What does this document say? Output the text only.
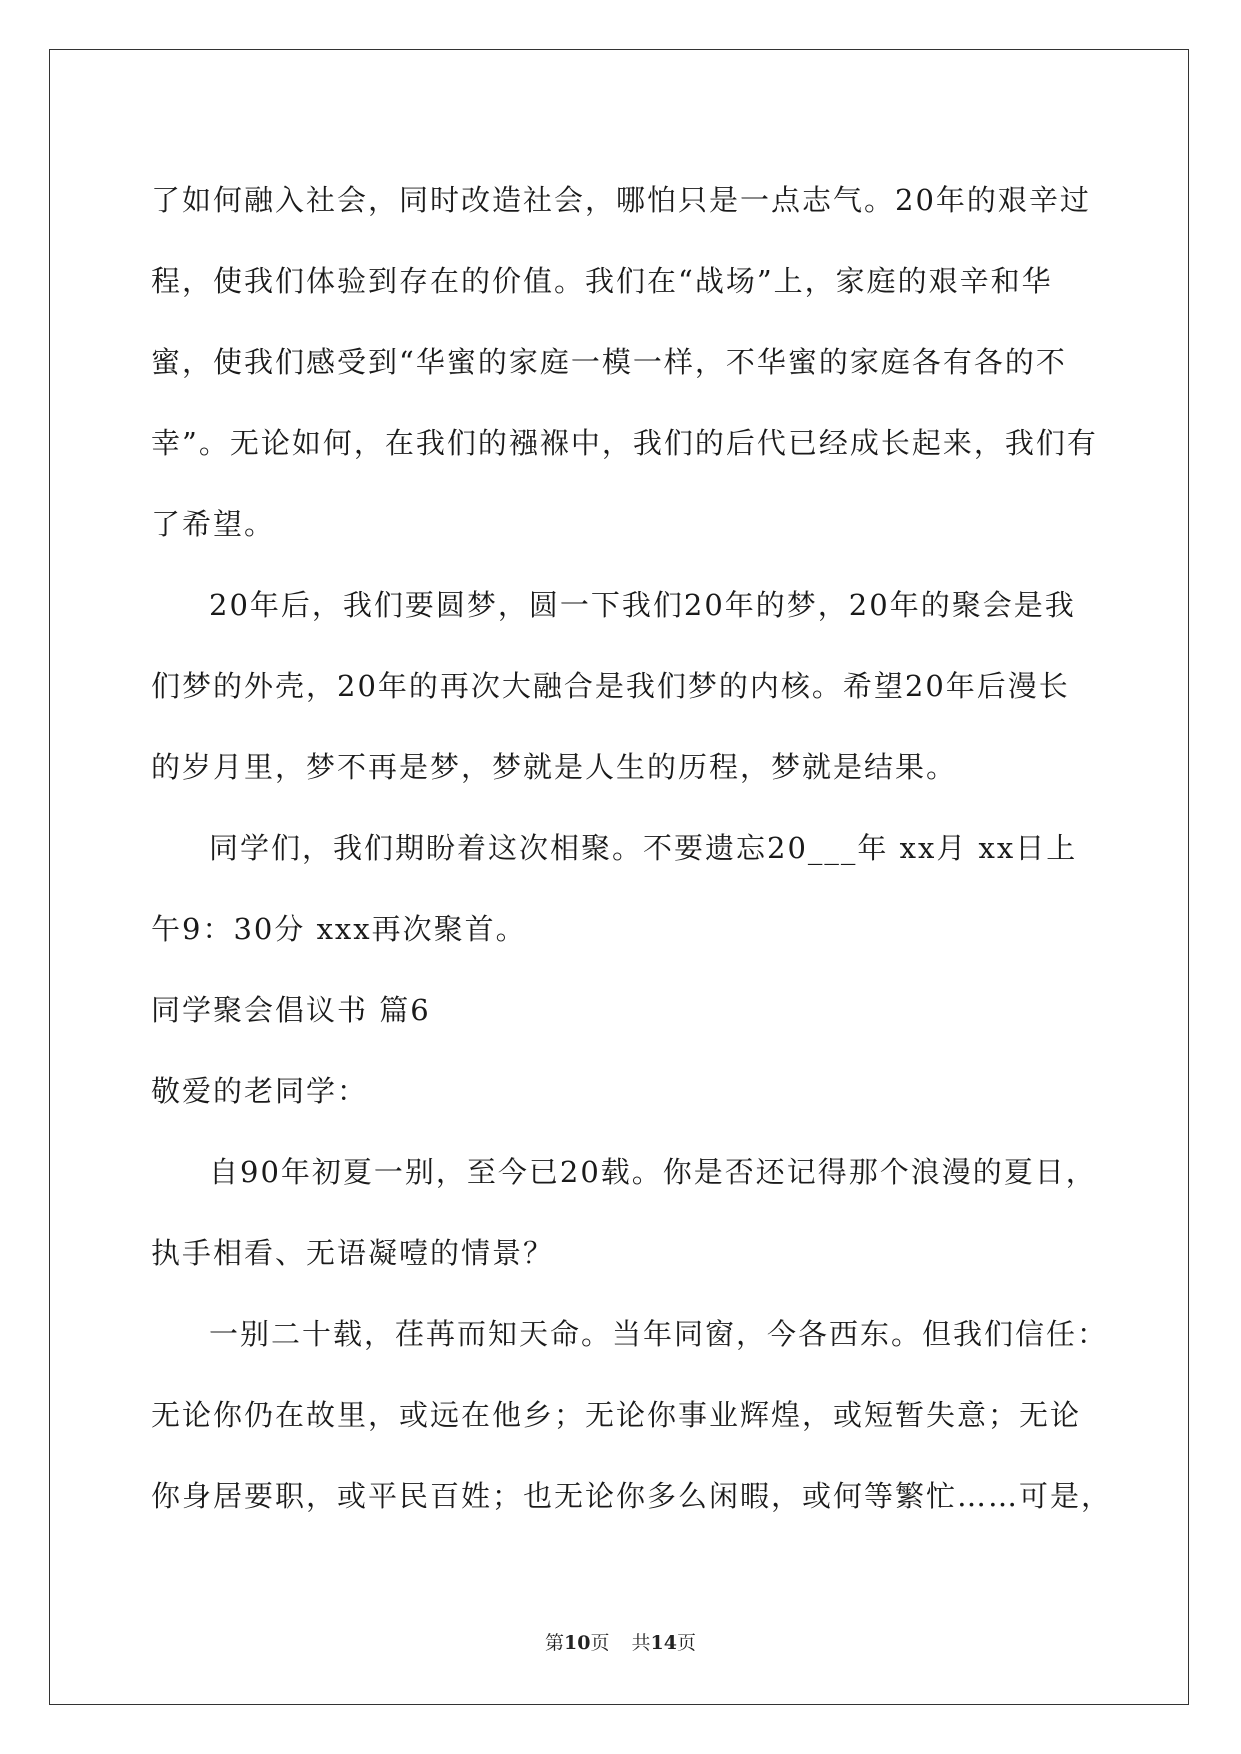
了如何融入社会，同时改造社会，哪怕只是一点志气。20年的艰辛过
程，使我们体验到存在的价值。我们在“战场”上，家庭的艰辛和华
蜜，使我们感受到“华蜜的家庭一模一样，不华蜜的家庭各有各的不
幸”。无论如何，在我们的襁褓中，我们的后代已经成长起来，我们有
了希望。
20年后，我们要圆梦，圆一下我们20年的梦，20年的聚会是我
们梦的外壳，20年的再次大融合是我们梦的内核。希望20年后漫长
的岁月里，梦不再是梦，梦就是人生的历程，梦就是结果。
同学们，我们期盼着这次相聚。不要遗忘20___年 xx月 xx日上
午9：30分 xxx再次聚首。
同学聚会倡议书 篇6
敬爱的老同学：
自90年初夏一别，至今已20载。你是否还记得那个浪漫的夏日，
执手相看、无语凝噎的情景？
一别二十载，荏苒而知天命。当年同窗，今各西东。但我们信任：
无论你仍在故里，或远在他乡；无论你事业辉煌，或短暂失意；无论
你身居要职，或平民百姓；也无论你多么闲暇，或何等繁忙……可是，
第10页 共14页
